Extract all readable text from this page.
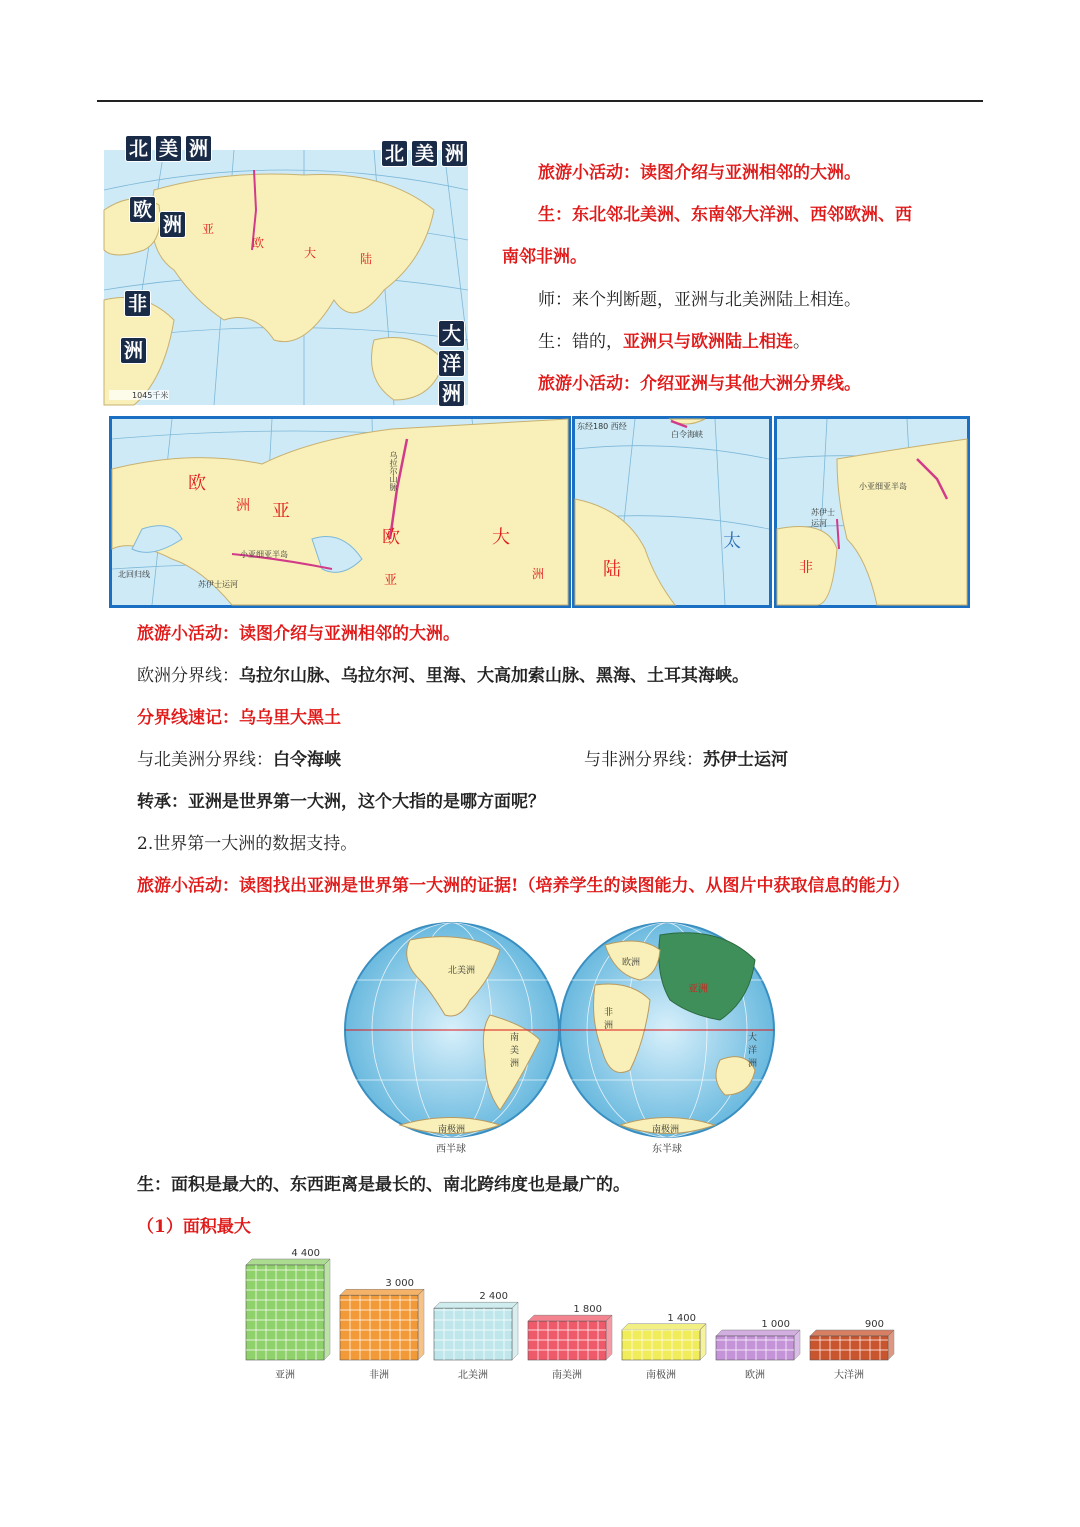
亚
欧
大	陆
1045千米
北 美 洲	北 美 洲
欧
洲
非
洲
大
洋
洲
旅游小活动：读图介绍与亚洲相邻的大洲。
生：东北邻北美洲、东南邻大洋洲、西邻欧洲、西
南邻非洲。
师：来个判断题，亚洲与北美洲陆上相连。
生：错的，亚洲只与欧洲陆上相连。
旅游小活动：介绍亚洲与其他大洲分界线。
欧
洲 亚
欧	大
亚	洲
乌拉尔山脉
小亚细亚半岛
苏伊士运河
北回归线
东经180 西经
白令海峡
陆
太
小亚细亚半岛
苏伊士运河
非
旅游小活动：读图介绍与亚洲相邻的大洲。
欧洲分界线：乌拉尔山脉、乌拉尔河、里海、大高加索山脉、黑海、土耳其海峡。
分界线速记：乌乌里大黑土
与北美洲分界线：白令海峡	与非洲分界线：苏伊士运河
转承：亚洲是世界第一大洲，这个大指的是哪方面呢？
2.世界第一大洲的数据支持。
旅游小活动：读图找出亚洲是世界第一大洲的证据!（培养学生的读图能力、从图片中获取信息的能力）
北美洲
南美洲
南极洲
西半球
欧洲
亚洲
非洲
大洋洲
南极洲
东半球
生：面积是最大的、东西距离是最长的、南北跨纬度也是最广的。
（1）面积最大
4 400
亚洲
3 000
非洲
2 400
北美洲
1 800
南美洲
1 400
南极洲
1 000
欧洲
900
大洋洲
